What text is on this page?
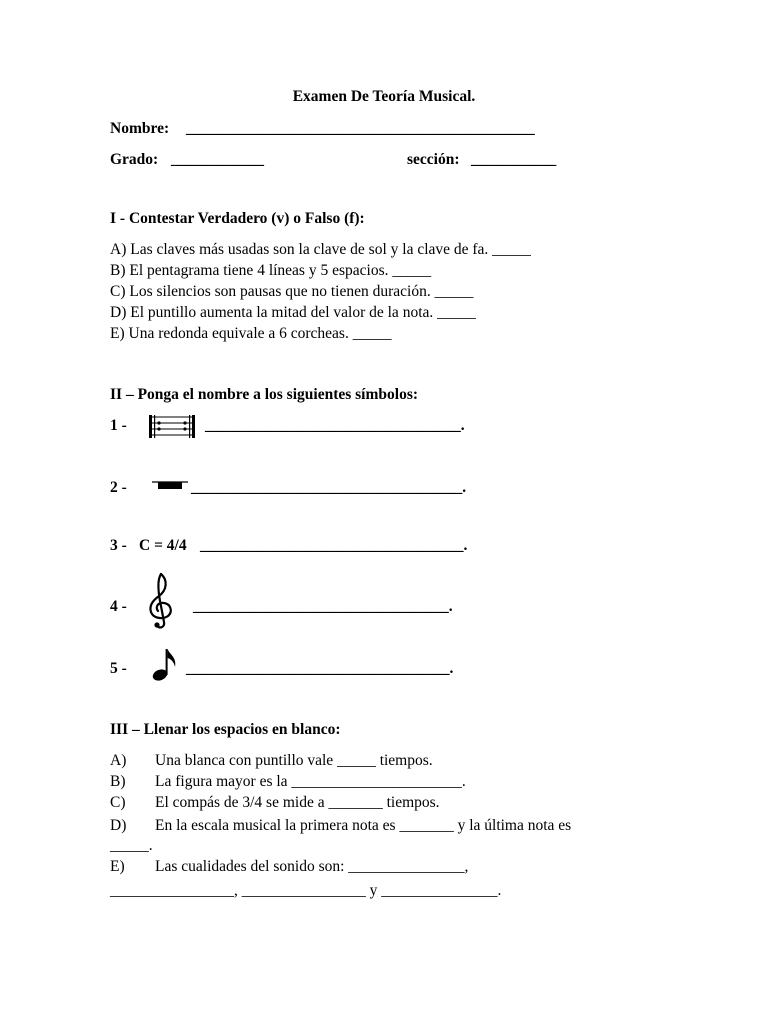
Examen De Teoría Musical.
Nombre: _____________________________________________
Grado: ____________	sección: ___________
I - Contestar Verdadero (v) o Falso (f):
A) Las claves más usadas son la clave de sol y la clave de fa. _____
B) El pentagrama tiene 4 líneas y 5 espacios. _____
C) Los silencios son pausas que no tienen duración. _____
D) El puntillo aumenta la mitad del valor de la nota. _____
E) Una redonda equivale a 6 corcheas. _____
II – Ponga el nombre a los siguientes símbolos:
1 -	_________________________________.
2 -	___________________________________.
3 - C = 4/4 __________________________________.
4 -	_________________________________.
5 -	__________________________________.
III – Llenar los espacios en blanco:
A) Una blanca con puntillo vale _____ tiempos.
B) La figura mayor es la ______________________.
C) El compás de 3/4 se mide a _______ tiempos.
D) En la escala musical la primera nota es _______ y la última nota es
_____.
E) Las cualidades del sonido son: _______________,
________________, ________________ y _______________.
